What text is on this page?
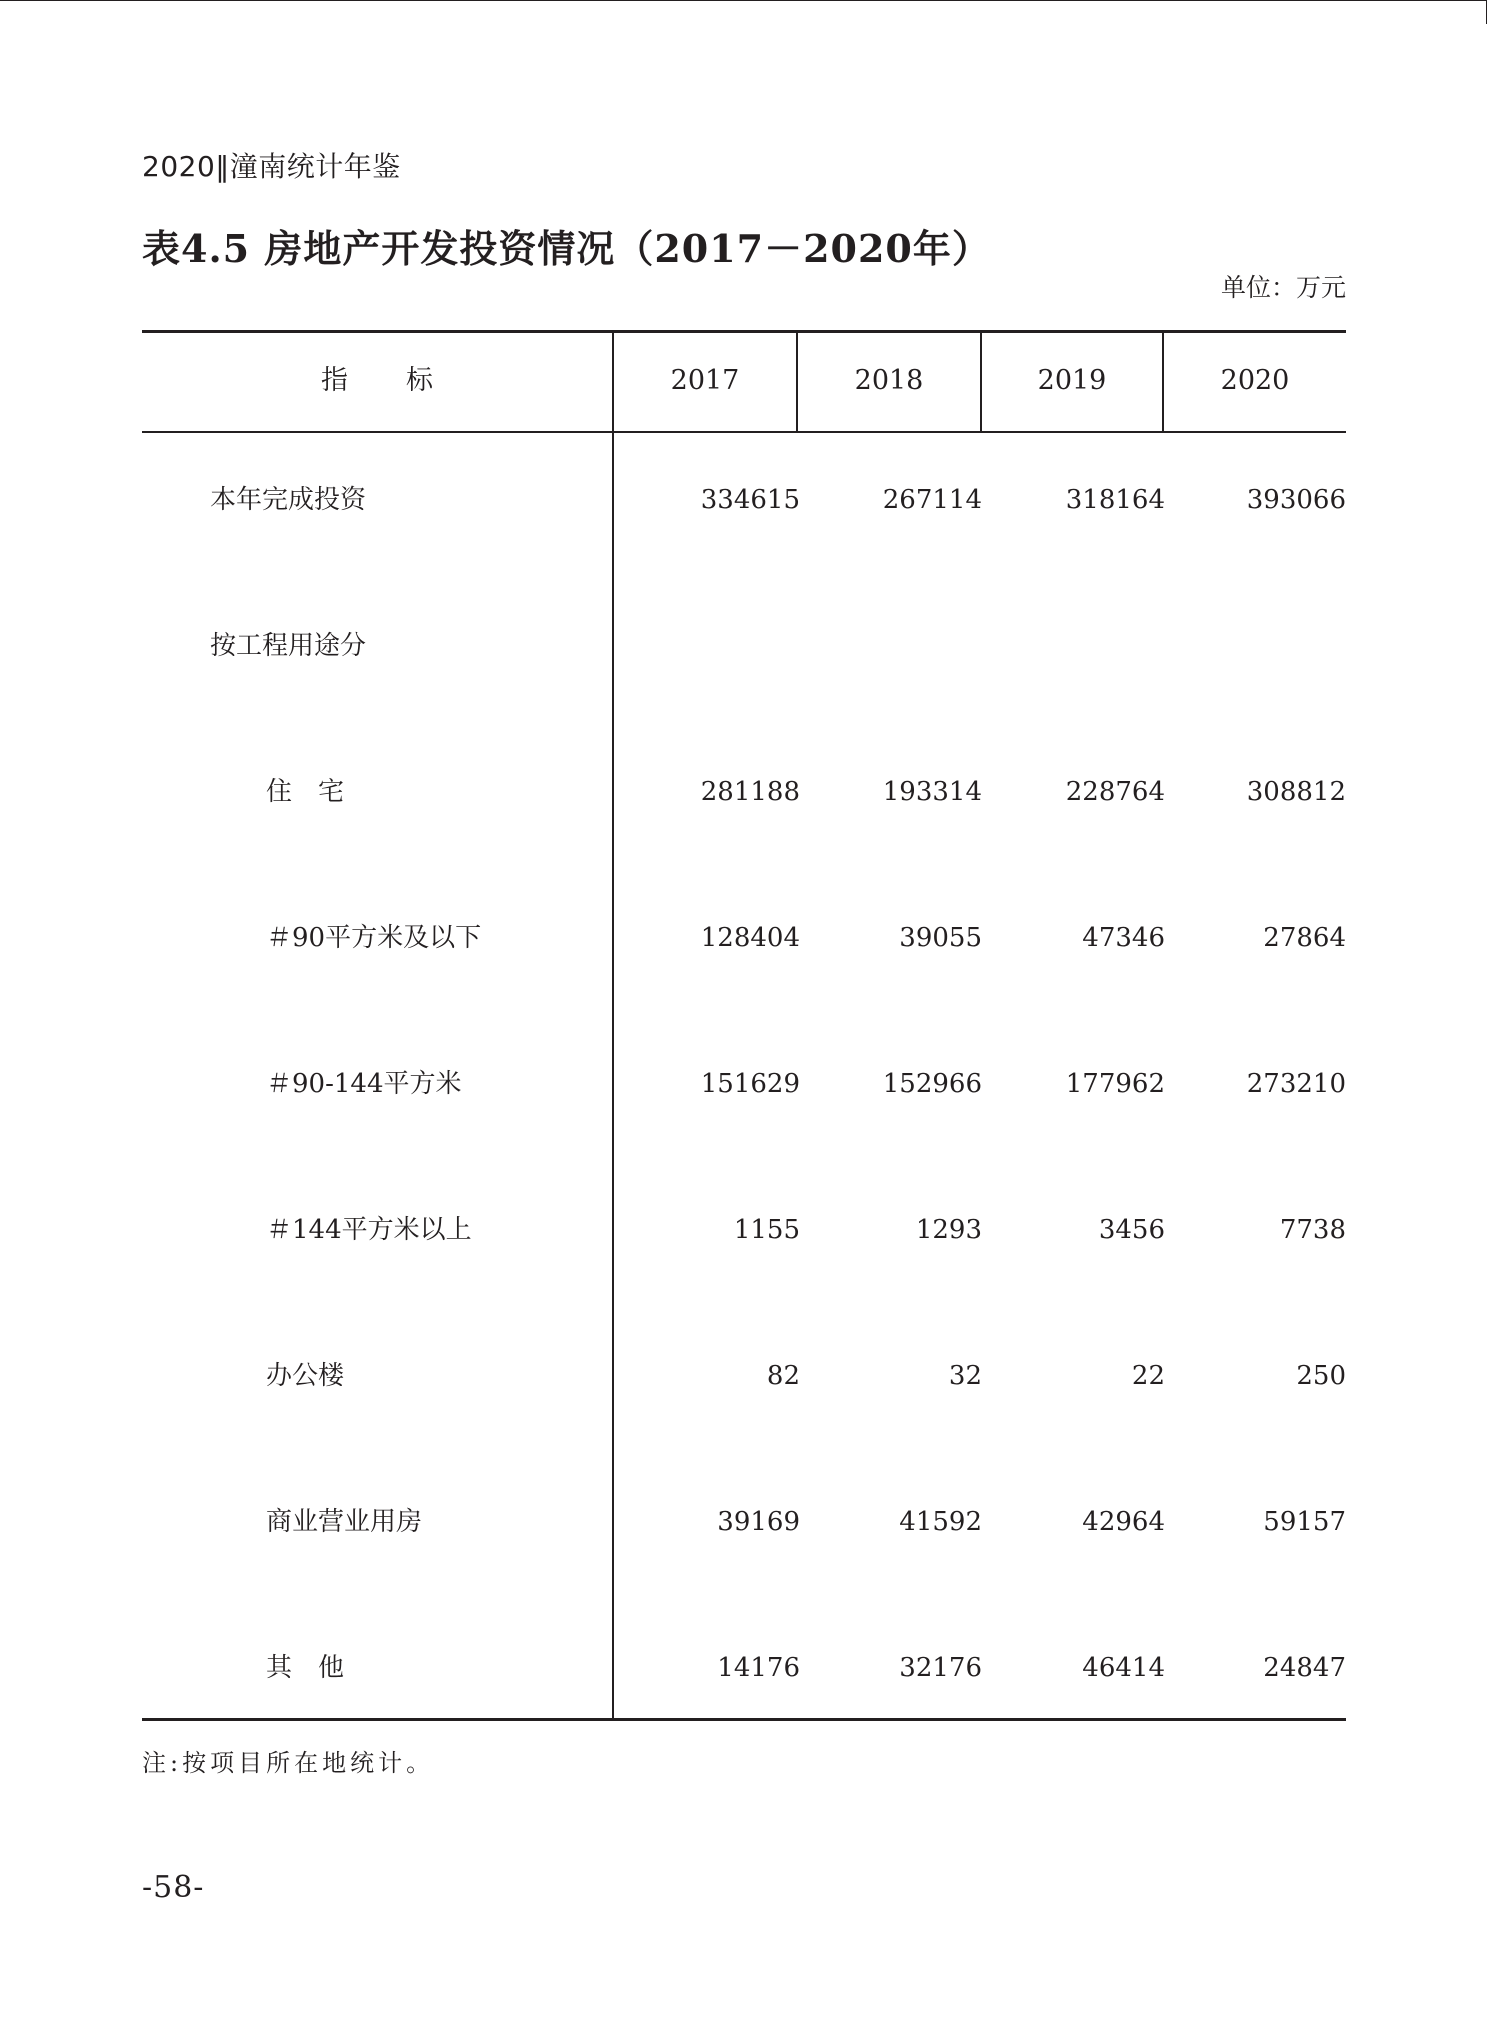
2020‖潼南统计年鉴
表4.5 房地产开发投资情况（2017－2020年）
单位：万元
指标	2017	2018	2019	2020
本年完成投资	334615	267114	318164	393066
按工程用途分
住　宅	281188	193314	228764	308812
＃90平方米及以下	128404	39055	47346	27864
＃90-144平方米	151629	152966	177962	273210
＃144平方米以上	1155	1293	3456	7738
办公楼	82	32	22	250
商业营业用房	39169	41592	42964	59157
其　他	14176	32176	46414	24847
注:按项目所在地统计。
-58-
